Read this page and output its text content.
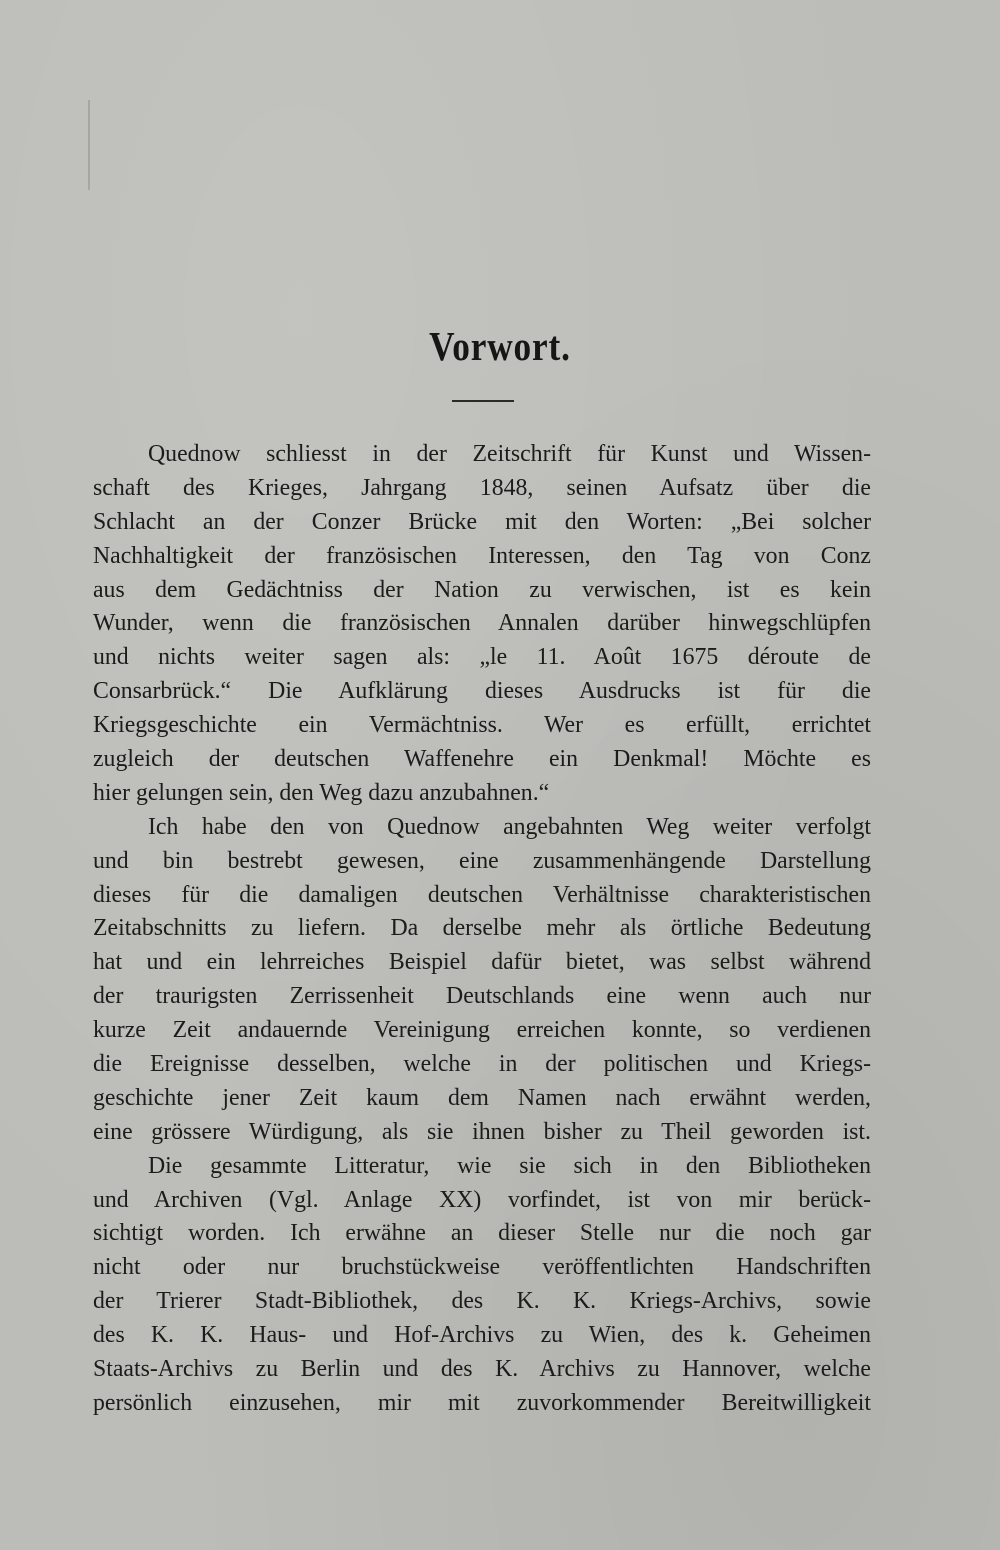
Vorwort.
Quednow schliesst in der Zeitschrift für Kunst und Wissen-
schaft des Krieges, Jahrgang 1848, seinen Aufsatz über die
Schlacht an der Conzer Brücke mit den Worten: „Bei solcher
Nachhaltigkeit der französischen Interessen, den Tag von Conz
aus dem Gedächtniss der Nation zu verwischen, ist es kein
Wunder, wenn die französischen Annalen darüber hinwegschlüpfen
und nichts weiter sagen als: „le 11. Août 1675 déroute de
Consarbrück.“ Die Aufklärung dieses Ausdrucks ist für die
Kriegsgeschichte ein Vermächtniss. Wer es erfüllt, errichtet
zugleich der deutschen Waffenehre ein Denkmal! Möchte es
hier gelungen sein, den Weg dazu anzubahnen.“
Ich habe den von Quednow angebahnten Weg weiter verfolgt
und bin bestrebt gewesen, eine zusammenhängende Darstellung
dieses für die damaligen deutschen Verhältnisse charakteristischen
Zeitabschnitts zu liefern. Da derselbe mehr als örtliche Bedeutung
hat und ein lehrreiches Beispiel dafür bietet, was selbst während
der traurigsten Zerrissenheit Deutschlands eine wenn auch nur
kurze Zeit andauernde Vereinigung erreichen konnte, so verdienen
die Ereignisse desselben, welche in der politischen und Kriegs-
geschichte jener Zeit kaum dem Namen nach erwähnt werden,
eine grössere Würdigung, als sie ihnen bisher zu Theil geworden ist.
Die gesammte Litteratur, wie sie sich in den Bibliotheken
und Archiven (Vgl. Anlage XX) vorfindet, ist von mir berück-
sichtigt worden. Ich erwähne an dieser Stelle nur die noch gar
nicht oder nur bruchstückweise veröffentlichten Handschriften
der Trierer Stadt-Bibliothek, des K. K. Kriegs-Archivs, sowie
des K. K. Haus- und Hof-Archivs zu Wien, des k. Geheimen
Staats-Archivs zu Berlin und des K. Archivs zu Hannover, welche
persönlich einzusehen, mir mit zuvorkommender Bereitwilligkeit
